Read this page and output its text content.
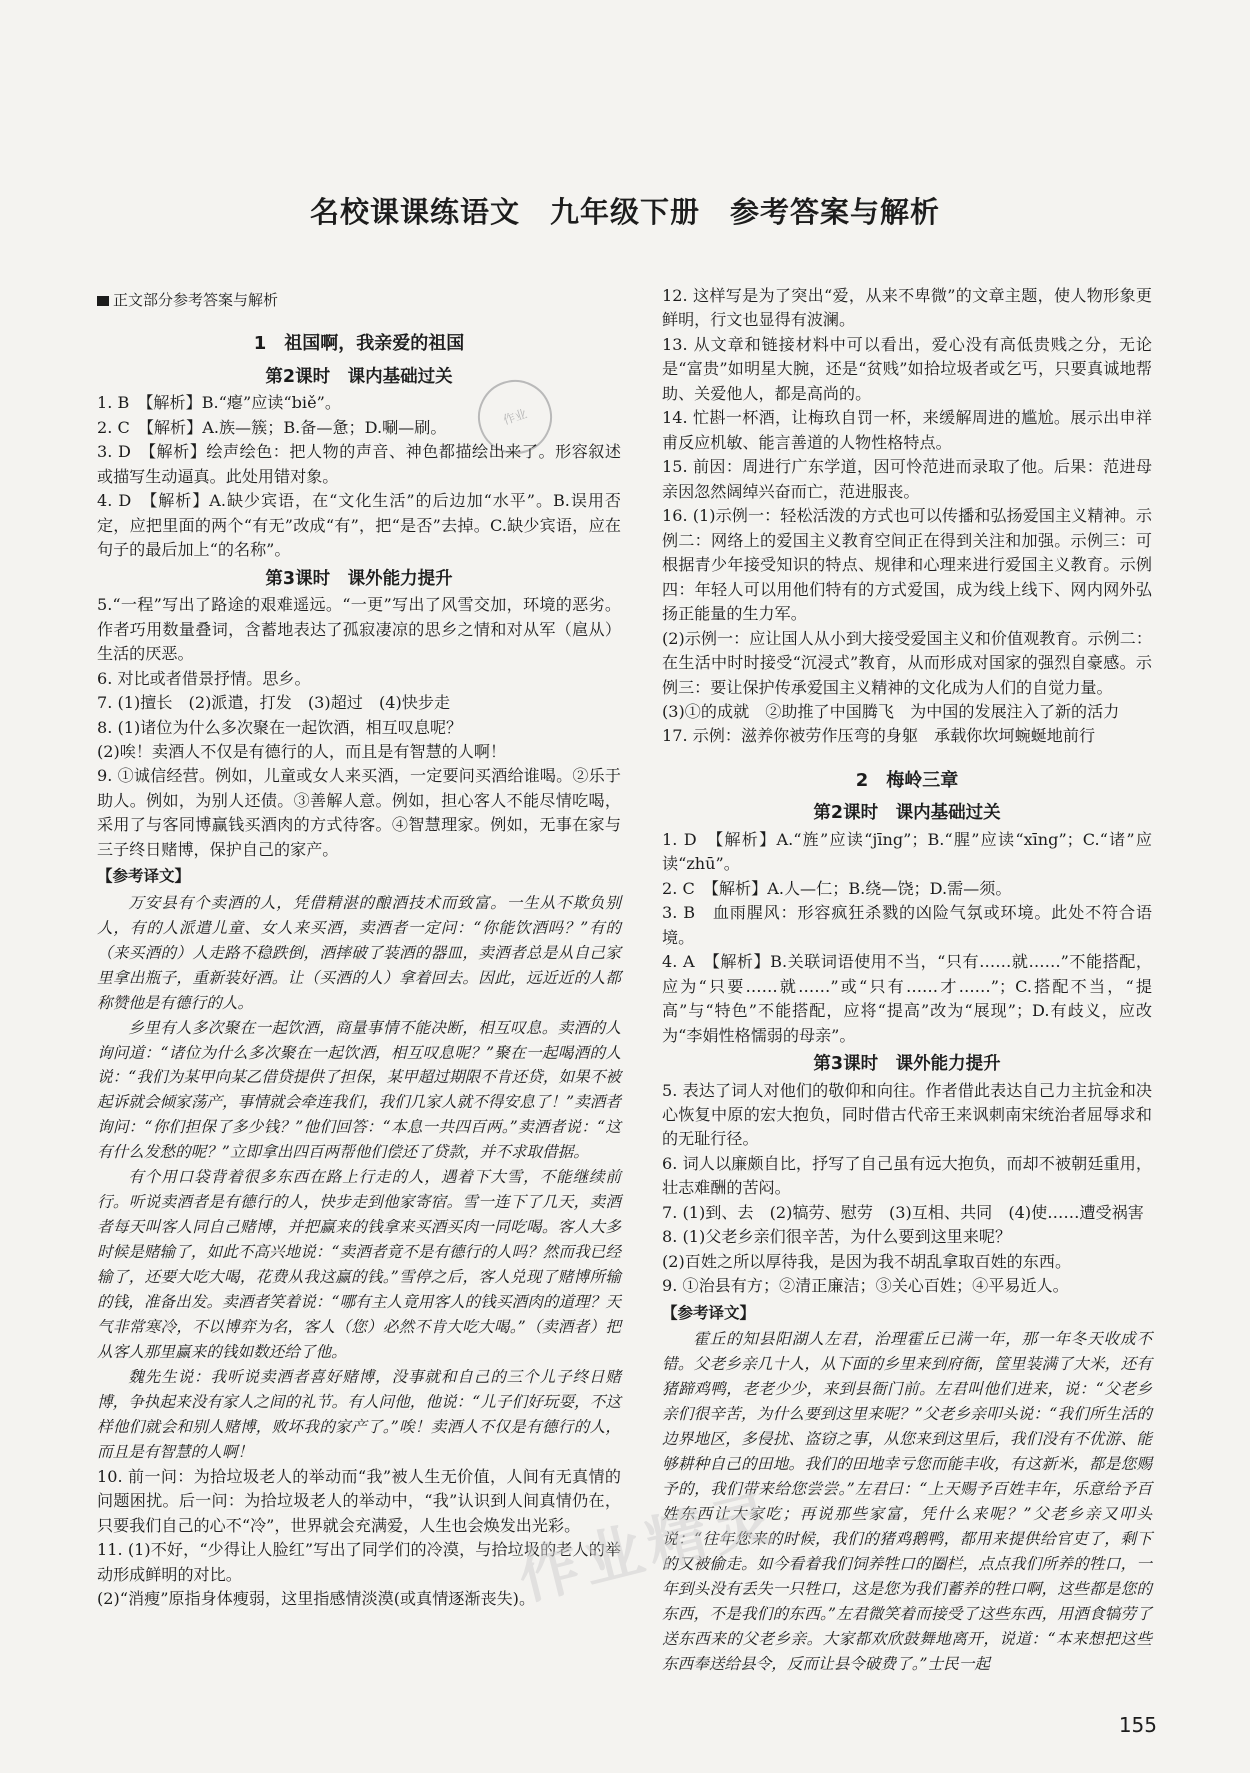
名校课课练语文　九年级下册　参考答案与解析
作业
正文部分参考答案与解析
1　祖国啊，我亲爱的祖国
第2课时　课内基础过关

1. B　【解析】B.“瘪”应读“biě”。

2. C　【解析】A.族—簇；B.备—惫；D.唰—刷。

3. D　【解析】绘声绘色：把人物的声音、神色都描绘出来了。形容叙述或描写生动逼真。此处用错对象。

4. D　【解析】A.缺少宾语，在“文化生活”的后边加“水平”。B.误用否定，应把里面的两个“有无”改成“有”，把“是否”去掉。C.缺少宾语，应在句子的最后加上“的名称”。

第3课时　课外能力提升

5.“一程”写出了路途的艰难遥远。“一更”写出了风雪交加，环境的恶劣。作者巧用数量叠词，含蓄地表达了孤寂凄凉的思乡之情和对从军（扈从）生活的厌恶。

6. 对比或者借景抒情。思乡。

7. (1)擅长　(2)派遣，打发　(3)超过　(4)快步走

8. (1)诸位为什么多次聚在一起饮酒，相互叹息呢？

(2)唉！卖酒人不仅是有德行的人，而且是有智慧的人啊！

9. ①诚信经营。例如，儿童或女人来买酒，一定要问买酒给谁喝。②乐于助人。例如，为别人还债。③善解人意。例如，担心客人不能尽情吃喝，采用了与客同博赢钱买酒肉的方式待客。④智慧理家。例如，无事在家与三子终日赌博，保护自己的家产。

【参考译文】

万安县有个卖酒的人，凭借精湛的酿酒技术而致富。一生从不欺负别人，有的人派遣儿童、女人来买酒，卖酒者一定问：“你能饮酒吗？”有的（来买酒的）人走路不稳跌倒，酒摔破了装酒的器皿，卖酒者总是从自己家里拿出瓶子，重新装好酒。让（买酒的人）拿着回去。因此，远近近的人都称赞他是有德行的人。

乡里有人多次聚在一起饮酒，商量事情不能决断，相互叹息。卖酒的人询问道：“诸位为什么多次聚在一起饮酒，相互叹息呢？”聚在一起喝酒的人说：“我们为某甲向某乙借贷提供了担保，某甲超过期限不肯还贷，如果不被起诉就会倾家荡产，事情就会牵连我们，我们几家人就不得安息了！”卖酒者询问：“你们担保了多少钱？”他们回答：“本息一共四百两。”卖酒者说：“这有什么发愁的呢？”立即拿出四百两帮他们偿还了贷款，并不求取借据。

有个用口袋背着很多东西在路上行走的人，遇着下大雪，不能继续前行。听说卖酒者是有德行的人，快步走到他家寄宿。雪一连下了几天，卖酒者每天叫客人同自己赌博，并把赢来的钱拿来买酒买肉一同吃喝。客人大多时候是赌输了，如此不高兴地说：“卖酒者竟不是有德行的人吗？然而我已经输了，还要大吃大喝，花费从我这赢的钱。”雪停之后，客人兑现了赌博所输的钱，准备出发。卖酒者笑着说：“哪有主人竟用客人的钱买酒肉的道理？天气非常寒冷，不以博弈为名，客人（您）必然不肯大吃大喝。”（卖酒者）把从客人那里赢来的钱如数还给了他。

魏先生说：我听说卖酒者喜好赌博，没事就和自己的三个儿子终日赌博，争执起来没有家人之间的礼节。有人问他，他说：“儿子们好玩耍，不这样他们就会和别人赌博，败坏我的家产了。”唉！卖酒人不仅是有德行的人，而且是有智慧的人啊！

10. 前一问：为拾垃圾老人的举动而“我”被人生无价值，人间有无真情的问题困扰。后一问：为拾垃圾老人的举动中，“我”认识到人间真情仍在，只要我们自己的心不“冷”，世界就会充满爱，人生也会焕发出光彩。

11. (1)不好，“少得让人脸红”写出了同学们的冷漠，与拾垃圾的老人的举动形成鲜明的对比。

(2)“消瘦”原指身体瘦弱，这里指感情淡漠(或真情逐渐丧失)。

12. 这样写是为了突出“爱，从来不卑微”的文章主题，使人物形象更鲜明，行文也显得有波澜。

13. 从文章和链接材料中可以看出，爱心没有高低贵贱之分，无论是“富贵”如明星大腕，还是“贫贱”如拾垃圾者或乞丐，只要真诚地帮助、关爱他人，都是高尚的。

14. 忙斟一杯酒，让梅玖自罚一杯，来缓解周进的尴尬。展示出申祥甫反应机敏、能言善道的人物性格特点。

15. 前因：周进行广东学道，因可怜范进而录取了他。后果：范进母亲因忽然阔绰兴奋而亡，范进服丧。

16. (1)示例一：轻松活泼的方式也可以传播和弘扬爱国主义精神。示例二：网络上的爱国主义教育空间正在得到关注和加强。示例三：可根据青少年接受知识的特点、规律和心理来进行爱国主义教育。示例四：年轻人可以用他们特有的方式爱国，成为线上线下、网内网外弘扬正能量的生力军。

(2)示例一：应让国人从小到大接受爱国主义和价值观教育。示例二：在生活中时时接受“沉浸式”教育，从而形成对国家的强烈自豪感。示例三：要让保护传承爱国主义精神的文化成为人们的自觉力量。

(3)①的成就　②助推了中国腾飞　为中国的发展注入了新的活力

17. 示例：滋养你被劳作压弯的身躯　承载你坎坷蜿蜒地前行

2　梅岭三章
第2课时　课内基础过关

1. D　【解析】A.“旌”应读“jīng”；B.“腥”应读“xīng”；C.“诸”应读“zhū”。

2. C　【解析】A.人—仁；B.绕—饶；D.需—须。

3. B　血雨腥风：形容疯狂杀戮的凶险气氛或环境。此处不符合语境。

4. A　【解析】B.关联词语使用不当，“只有……就……”不能搭配，应为“只要……就……”或“只有……才……”；C.搭配不当，“提高”与“特色”不能搭配，应将“提高”改为“展现”；D.有歧义，应改为“李娟性格懦弱的母亲”。

第3课时　课外能力提升

5. 表达了词人对他们的敬仰和向往。作者借此表达自己力主抗金和决心恢复中原的宏大抱负，同时借古代帝王来讽刺南宋统治者屈辱求和的无耻行径。

6. 词人以廉颇自比，抒写了自己虽有远大抱负，而却不被朝廷重用，壮志难酬的苦闷。

7. (1)到、去　(2)犒劳、慰劳　(3)互相、共同　(4)使……遭受祸害

8. (1)父老乡亲们很辛苦，为什么要到这里来呢？

(2)百姓之所以厚待我，是因为我不胡乱拿取百姓的东西。

9. ①治县有方；②清正廉洁；③关心百姓；④平易近人。

【参考译文】

霍丘的知县阳湖人左君，治理霍丘已满一年，那一年冬天收成不错。父老乡亲几十人，从下面的乡里来到府衙，筐里装满了大米，还有猪蹄鸡鸭，老老少少，来到县衙门前。左君叫他们进来，说：“父老乡亲们很辛苦，为什么要到这里来呢？”父老乡亲叩头说：“我们所生活的边界地区，多侵扰、盗窃之事，从您来到这里后，我们没有不优游、能够耕种自己的田地。我们的田地幸亏您而能丰收，有这新米，都是您赐予的，我们带来给您尝尝。”左君曰：“上天赐予百姓丰年，乐意给予百姓东西让大家吃；再说那些家富，凭什么来呢？”父老乡亲又叩头说：“往年您来的时候，我们的猪鸡鹅鸭，都用来提供给官吏了，剩下的又被偷走。如今看着我们饲养牲口的圈栏，点点我们所养的牲口，一年到头没有丢失一只牲口，这是您为我们蓄养的牲口啊，这些都是您的东西，不是我们的东西。”左君微笑着而接受了这些东西，用酒食犒劳了送东西来的父老乡亲。大家都欢欣鼓舞地离开，说道：“本来想把这些东西奉送给县令，反而让县令破费了。”士民一起

作业精灵
155
